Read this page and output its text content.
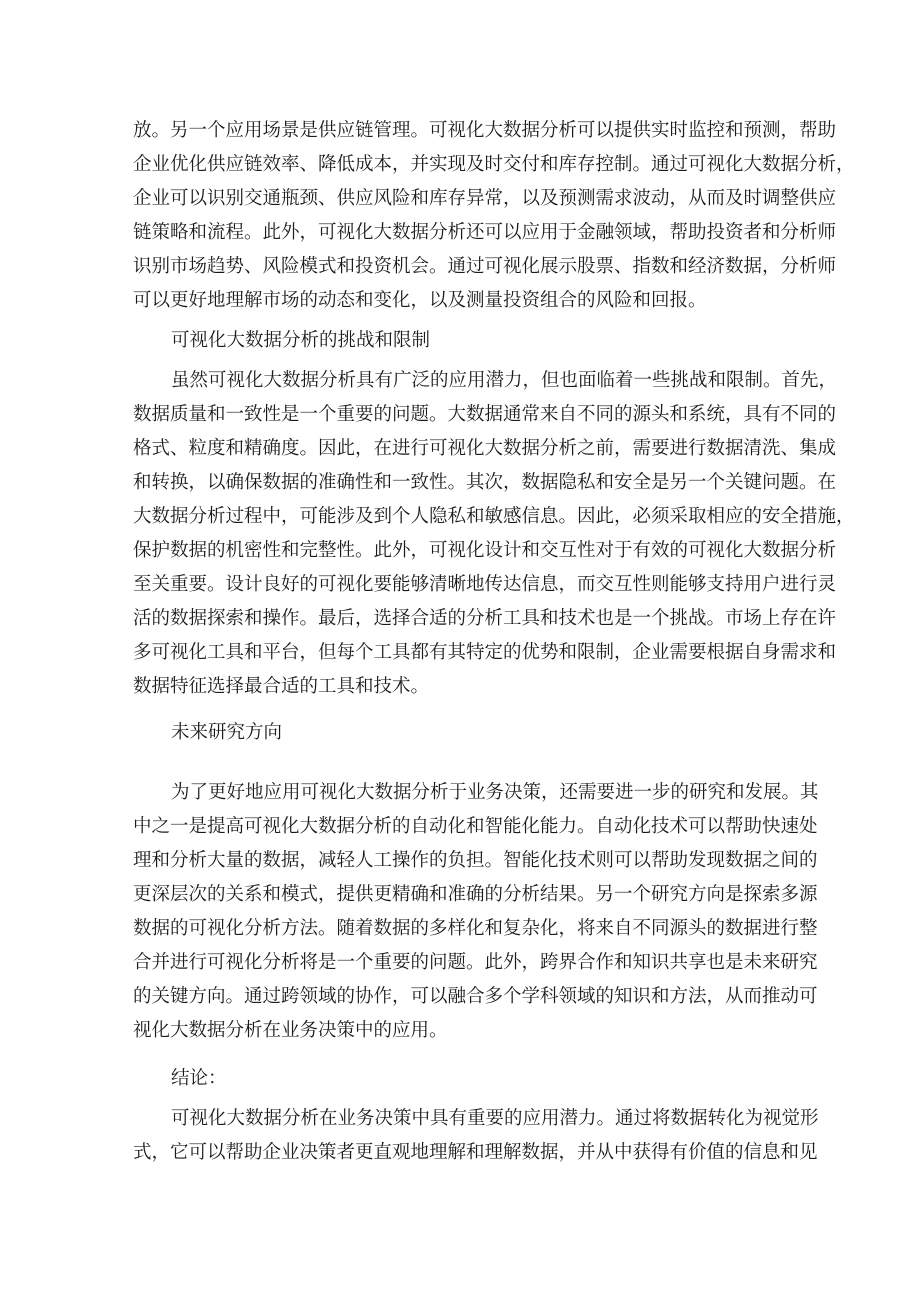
放。另一个应用场景是供应链管理。可视化大数据分析可以提供实时监控和预测，帮助
企业优化供应链效率、降低成本，并实现及时交付和库存控制。通过可视化大数据分析，
企业可以识别交通瓶颈、供应风险和库存异常，以及预测需求波动，从而及时调整供应
链策略和流程。此外，可视化大数据分析还可以应用于金融领域，帮助投资者和分析师
识别市场趋势、风险模式和投资机会。通过可视化展示股票、指数和经济数据，分析师
可以更好地理解市场的动态和变化，以及测量投资组合的风险和回报。
可视化大数据分析的挑战和限制
虽然可视化大数据分析具有广泛的应用潜力，但也面临着一些挑战和限制。首先，
数据质量和一致性是一个重要的问题。大数据通常来自不同的源头和系统，具有不同的
格式、粒度和精确度。因此，在进行可视化大数据分析之前，需要进行数据清洗、集成
和转换，以确保数据的准确性和一致性。其次，数据隐私和安全是另一个关键问题。在
大数据分析过程中，可能涉及到个人隐私和敏感信息。因此，必须采取相应的安全措施，
保护数据的机密性和完整性。此外，可视化设计和交互性对于有效的可视化大数据分析
至关重要。设计良好的可视化要能够清晰地传达信息，而交互性则能够支持用户进行灵
活的数据探索和操作。最后，选择合适的分析工具和技术也是一个挑战。市场上存在许
多可视化工具和平台，但每个工具都有其特定的优势和限制，企业需要根据自身需求和
数据特征选择最合适的工具和技术。
未来研究方向
为了更好地应用可视化大数据分析于业务决策，还需要进一步的研究和发展。其
中之一是提高可视化大数据分析的自动化和智能化能力。自动化技术可以帮助快速处
理和分析大量的数据，减轻人工操作的负担。智能化技术则可以帮助发现数据之间的
更深层次的关系和模式，提供更精确和准确的分析结果。另一个研究方向是探索多源
数据的可视化分析方法。随着数据的多样化和复杂化，将来自不同源头的数据进行整
合并进行可视化分析将是一个重要的问题。此外，跨界合作和知识共享也是未来研究
的关键方向。通过跨领域的协作，可以融合多个学科领域的知识和方法，从而推动可
视化大数据分析在业务决策中的应用。
结论：
可视化大数据分析在业务决策中具有重要的应用潜力。通过将数据转化为视觉形
式，它可以帮助企业决策者更直观地理解和理解数据，并从中获得有价值的信息和见
